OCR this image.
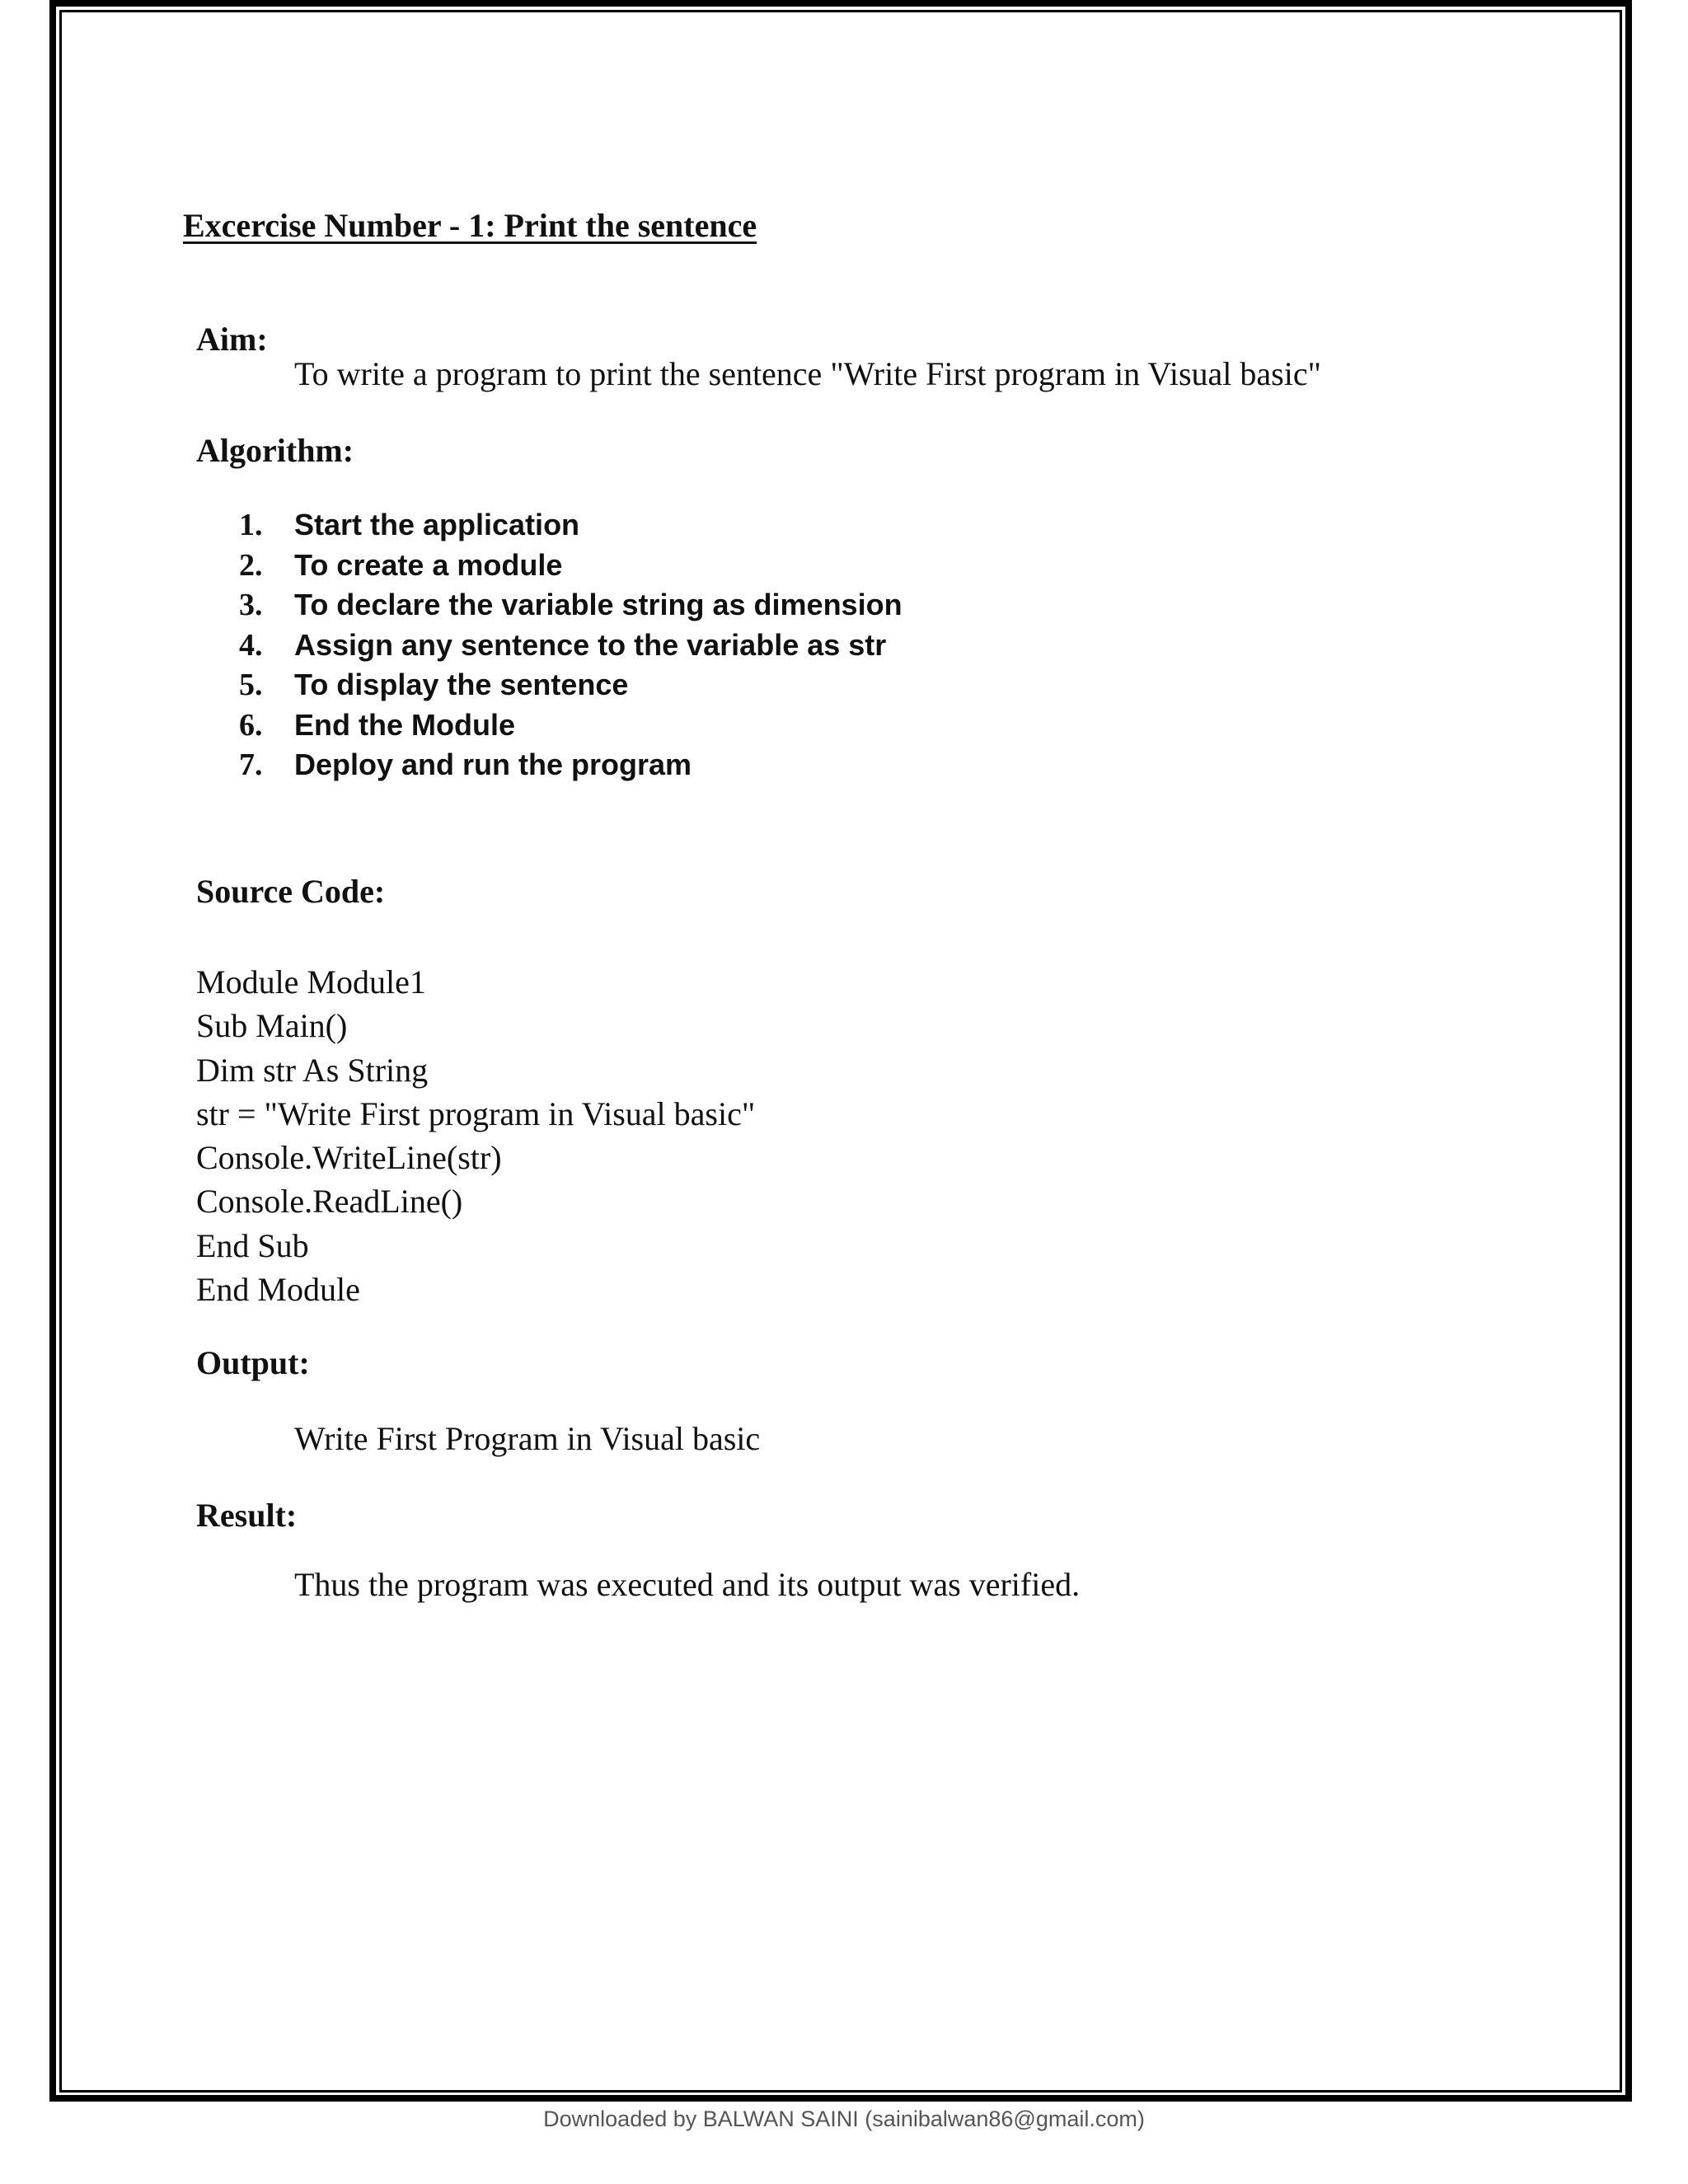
Excercise Number - 1: Print the sentence
Aim:

To write a program to print the sentence "Write First program in Visual basic"

Algorithm:
1. Start the application
2. To create a module
3. To declare the variable string as dimension
4. Assign any sentence to the variable as str
5. To display the sentence
6. End the Module
7. Deploy and run the program
Source Code:
Module Module1
Sub Main()
Dim str As String
str = "Write First program in Visual basic"
Console.WriteLine(str)
Console.ReadLine()
End Sub
End Module
Output:

Write First Program in Visual basic

Result:

Thus the program was executed and its output was verified.

Downloaded by BALWAN SAINI (sainibalwan86@gmail.com)
